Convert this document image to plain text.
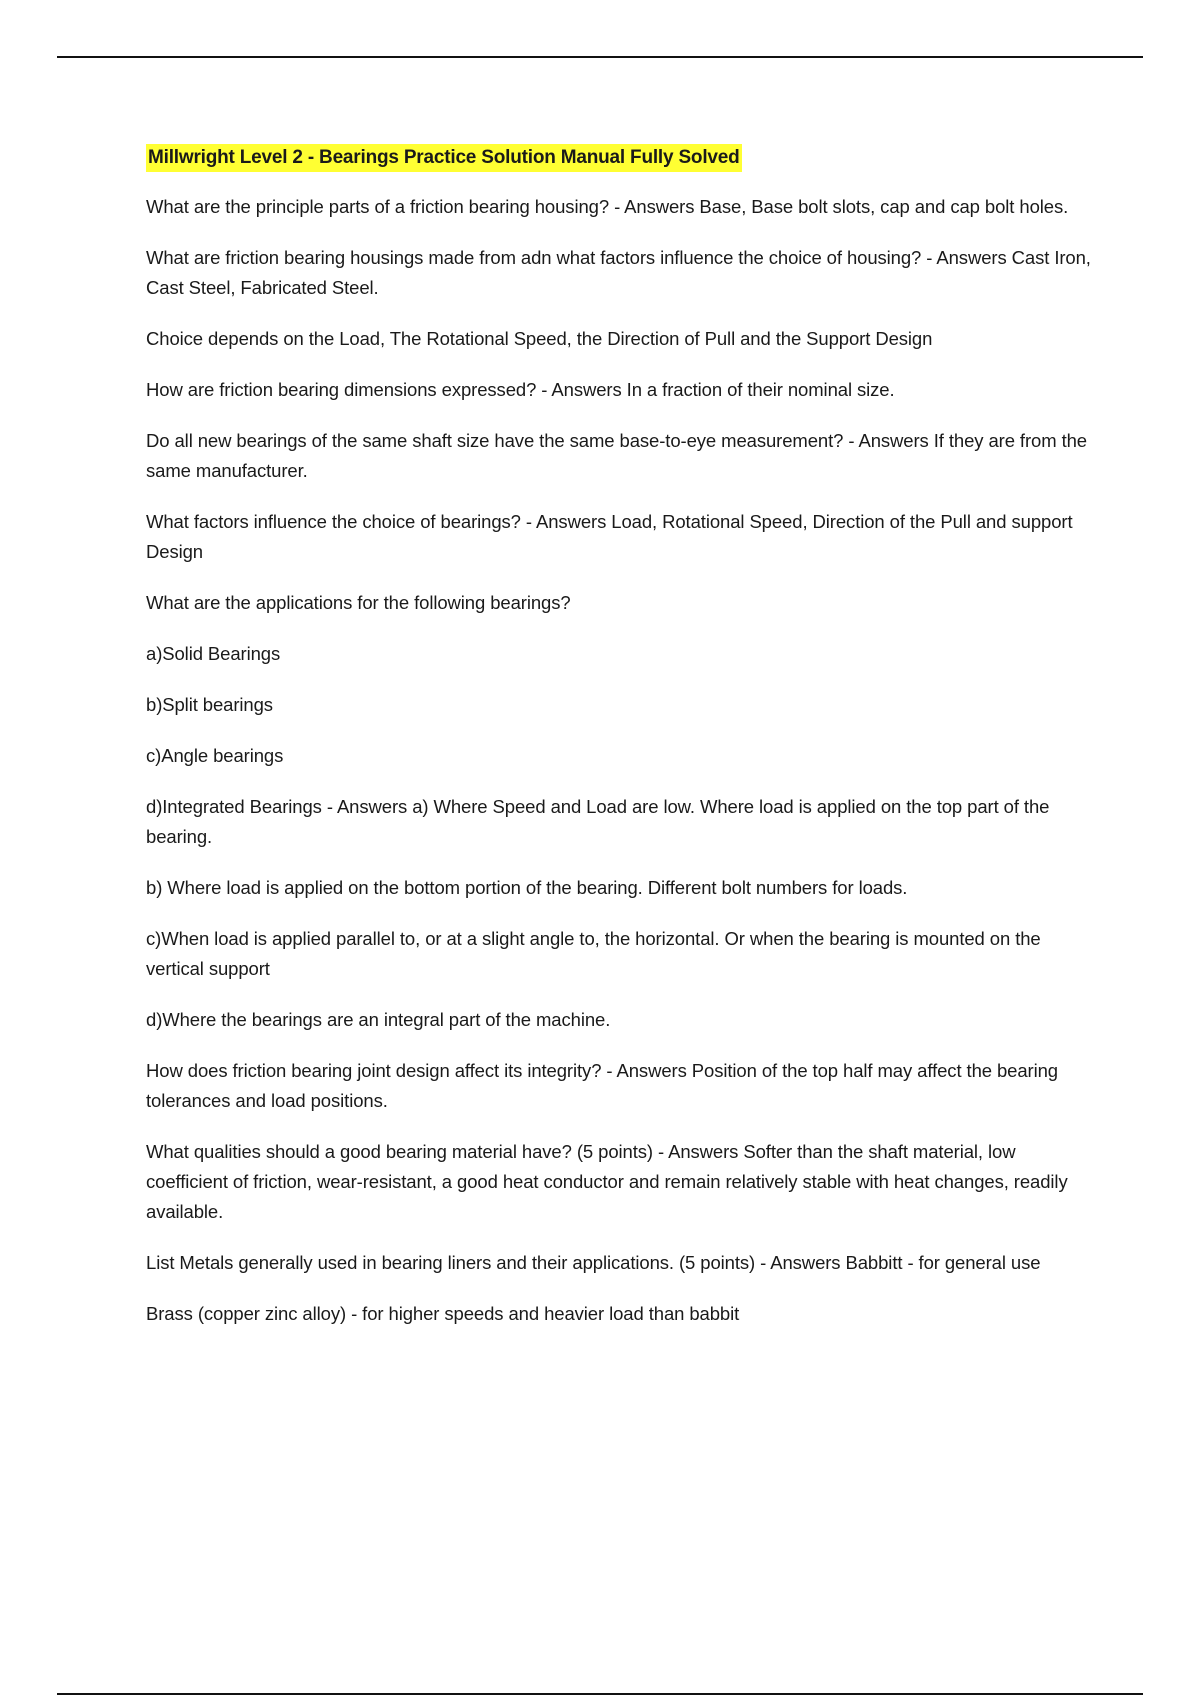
Millwright Level 2 - Bearings Practice Solution Manual Fully Solved

What are the principle parts of a friction bearing housing? - Answers Base, Base bolt slots, cap and cap bolt holes.

What are friction bearing housings made from adn what factors influence the choice of housing? - Answers Cast Iron, Cast Steel, Fabricated Steel.

Choice depends on the Load, The Rotational Speed, the Direction of Pull and the Support Design

How are friction bearing dimensions expressed? - Answers In a fraction of their nominal size.

Do all new bearings of the same shaft size have the same base-to-eye measurement? - Answers If they are from the same manufacturer.

What factors influence the choice of bearings? - Answers Load, Rotational Speed, Direction of the Pull and support Design

What are the applications for the following bearings?

a)Solid Bearings

b)Split bearings

c)Angle bearings

d)Integrated Bearings - Answers a) Where Speed and Load are low. Where load is applied on the top part of the bearing.

b) Where load is applied on the bottom portion of the bearing. Different bolt numbers for loads.

c)When load is applied parallel to, or at a slight angle to, the horizontal. Or when the bearing is mounted on the vertical support

d)Where the bearings are an integral part of the machine.

How does friction bearing joint design affect its integrity? - Answers Position of the top half may affect the bearing tolerances and load positions.

What qualities should a good bearing material have? (5 points) - Answers Softer than the shaft material, low coefficient of friction, wear-resistant, a good heat conductor and remain relatively stable with heat changes, readily available.

List Metals generally used in bearing liners and their applications. (5 points) - Answers Babbitt - for general use

Brass (copper zinc alloy) - for higher speeds and heavier load than babbit
